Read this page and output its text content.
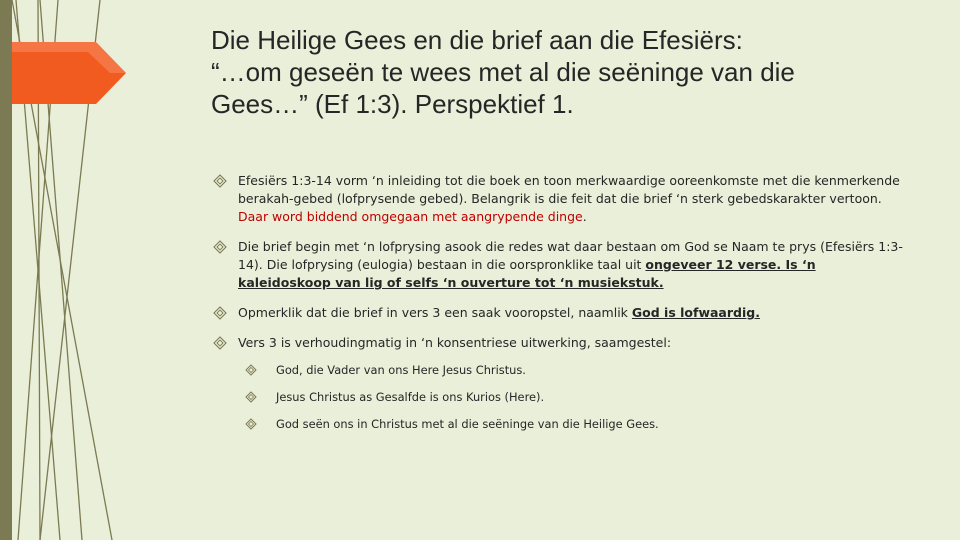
Die Heilige Gees en die brief aan die Efesiërs:
“…om geseën te wees met al die seëninge van die
Gees…” (Ef 1:3). Perspektief 1.
Efesiërs 1:3-14 vorm ‘n inleiding tot die boek en toon merkwaardige ooreenkomste met die kenmerkende berakah-gebed (lofprysende gebed). Belangrik is die feit dat die brief ‘n sterk gebedskarakter vertoon. Daar word biddend omgegaan met aangrypende dinge.
Die brief begin met ‘n lofprysing asook die redes wat daar bestaan om God se Naam te prys (Efesiërs 1:3-14). Die lofprysing (eulogia) bestaan in die oorspronklike taal uit ongeveer 12 verse. Is ‘n kaleidoskoop van lig of selfs ‘n ouverture tot ‘n musiekstuk.
Opmerklik dat die brief in vers 3 een saak vooropstel, naamlik God is lofwaardig.
Vers 3 is verhoudingmatig in ‘n konsentriese uitwerking, saamgestel:
God, die Vader van ons Here Jesus Christus.
Jesus Christus as Gesalfde is ons Kurios (Here).
God seën ons in Christus met al die seëninge van die Heilige Gees.
